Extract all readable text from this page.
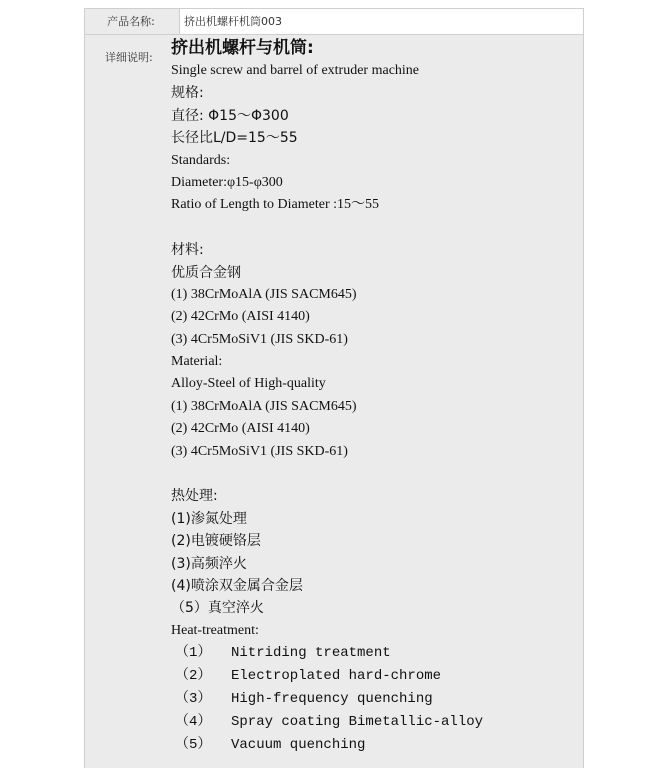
产品名称:	挤出机螺杆机筒003
详细说明: 挤出机螺杆与机筒:
Single screw and barrel of extruder machine
规格:
直径: Φ15～Φ300
长径比L/D=15～55
Standards:
Diameter:φ15-φ300
Ratio of Length to Diameter :15～55
材料:
优质合金钢
(1) 38CrMoAlA (JIS SACM645)
(2) 42CrMo (AISI 4140)
(3) 4Cr5MoSiV1 (JIS SKD-61)
Material:
Alloy-Steel of High-quality
(1) 38CrMoAlA (JIS SACM645)
(2) 42CrMo (AISI 4140)
(3) 4Cr5MoSiV1 (JIS SKD-61)
热处理:
(1)渗氮处理
(2)电镀硬铬层
(3)高频淬火
(4)喷涂双金属合金层
（5）真空淬火
Heat-treatment:
（1） Nitriding treatment
（2） Electroplated hard-chrome
（3） High-frequency quenching
（4） Spray coating Bimetallic-alloy
（5） Vacuum quenching
